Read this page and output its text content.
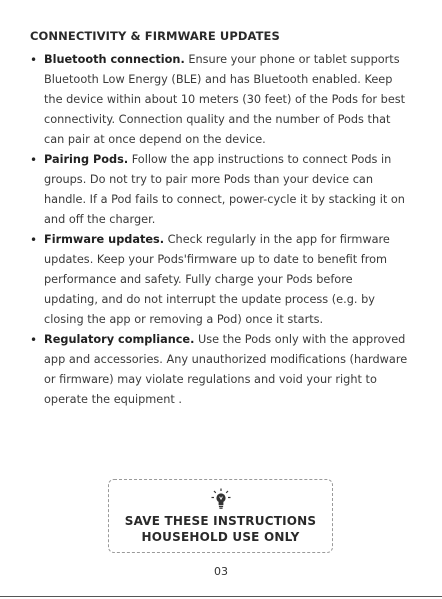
CONNECTIVITY & FIRMWARE UPDATES
• Bluetooth connection. Ensure your phone or tablet supports Bluetooth Low Energy (BLE) and has Bluetooth enabled. Keep the device within about 10 meters (30 feet) of the Pods for best connectivity. Connection quality and the number of Pods that can pair at once depend on the device.
• Pairing Pods. Follow the app instructions to connect Pods in groups. Do not try to pair more Pods than your device can handle. If a Pod fails to connect, power-cycle it by stacking it on and off the charger.
• Firmware updates. Check regularly in the app for firmware updates. Keep your Pods'firmware up to date to benefit from performance and safety. Fully charge your Pods before updating, and do not interrupt the update process (e.g. by closing the app or removing a Pod) once it starts.
• Regulatory compliance. Use the Pods only with the approved app and accessories. Any unauthorized modifications (hardware or firmware) may violate regulations and void your right to operate the equipment .
SAVE THESE INSTRUCTIONS
HOUSEHOLD USE ONLY
03
